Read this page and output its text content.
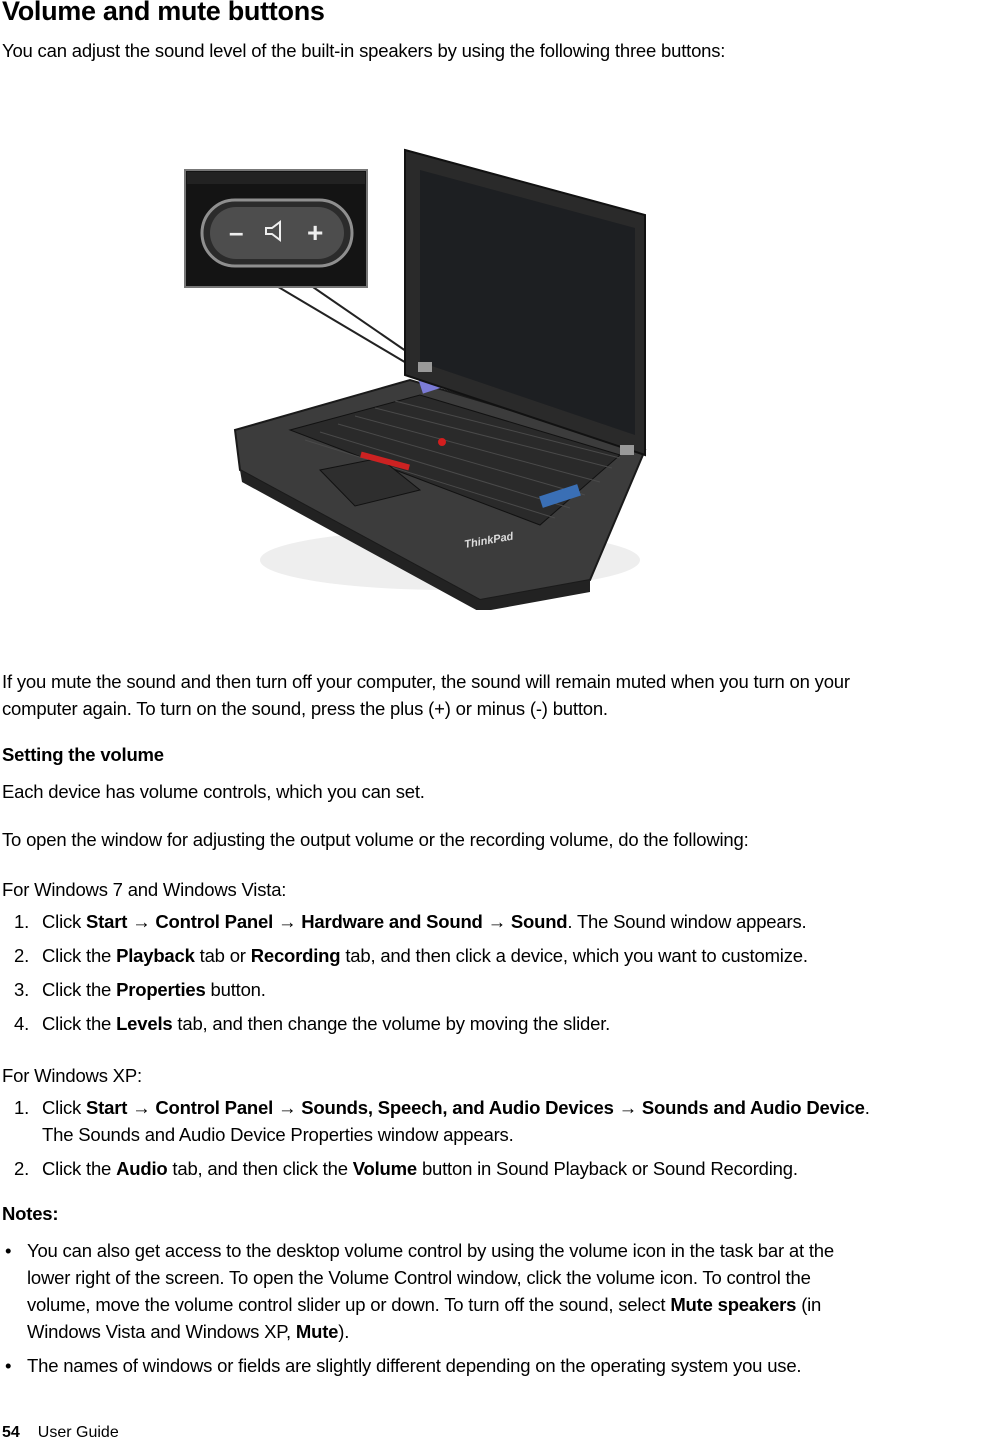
Volume and mute buttons

You can adjust the sound level of the built-in speakers by using the following three buttons:

ThinkPad
– +

If you mute the sound and then turn off your computer, the sound will remain muted when you turn on your

computer again. To turn on the sound, press the plus (+) or minus (-) button.

Setting the volume

Each device has volume controls, which you can set.

To open the window for adjusting the output volume or the recording volume, do the following:

For Windows 7 and Windows Vista:

1. Click Start → Control Panel → Hardware and Sound → Sound. The Sound window appears.
2. Click the Playback tab or Recording tab, and then click a device, which you want to customize.
3. Click the Properties button.
4. Click the Levels tab, and then change the volume by moving the slider.

For Windows XP:

1. Click Start → Control Panel → Sounds, Speech, and Audio Devices → Sounds and Audio Device.
The Sounds and Audio Device Properties window appears.
2. Click the Audio tab, and then click the Volume button in Sound Playback or Sound Recording.

Notes:

• You can also get access to the desktop volume control by using the volume icon in the task bar at the
lower right of the screen. To open the Volume Control window, click the volume icon. To control the
volume, move the volume control slider up or down. To turn off the sound, select Mute speakers (in
Windows Vista and Windows XP, Mute).
• The names of windows or fields are slightly different depending on the operating system you use.
54 User Guide
